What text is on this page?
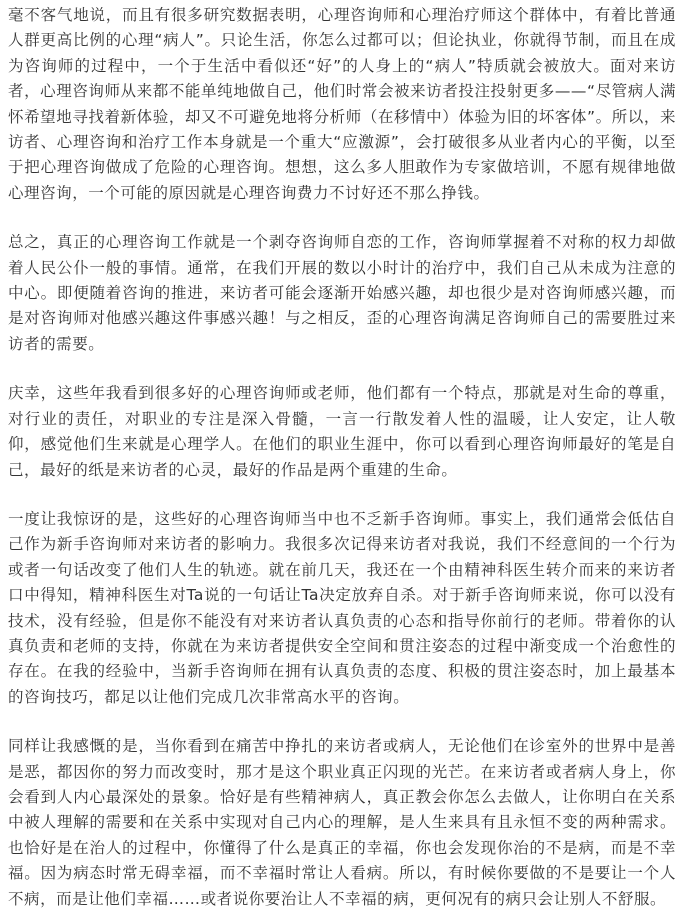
毫不客气地说，而且有很多研究数据表明，心理咨询师和心理治疗师这个群体中，有着比普通人群更高比例的心理“病人”。只论生活，你怎么过都可以；但论执业，你就得节制，而且在成为咨询师的过程中，一个于生活中看似还“好”的人身上的“病人”特质就会被放大。面对来访者，心理咨询师从来都不能单纯地做自己，他们时常会被来访者投注投射更多——“尽管病人满怀希望地寻找着新体验，却又不可避免地将分析师（在移情中）体验为旧的坏客体”。所以，来访者、心理咨询和治疗工作本身就是一个重大“应激源”，会打破很多从业者内心的平衡，以至于把心理咨询做成了危险的心理咨询。想想，这么多人胆敢作为专家做培训，不愿有规律地做心理咨询，一个可能的原因就是心理咨询费力不讨好还不那么挣钱。

总之，真正的心理咨询工作就是一个剥夺咨询师自恋的工作，咨询师掌握着不对称的权力却做着人民公仆一般的事情。通常，在我们开展的数以小时计的治疗中，我们自己从未成为注意的中心。即便随着咨询的推进，来访者可能会逐渐开始感兴趣，却也很少是对咨询师感兴趣，而是对咨询师对他感兴趣这件事感兴趣！与之相反，歪的心理咨询满足咨询师自己的需要胜过来访者的需要。

庆幸，这些年我看到很多好的心理咨询师或老师，他们都有一个特点，那就是对生命的尊重，对行业的责任，对职业的专注是深入骨髓，一言一行散发着人性的温暖，让人安定，让人敬仰，感觉他们生来就是心理学人。在他们的职业生涯中，你可以看到心理咨询师最好的笔是自己，最好的纸是来访者的心灵，最好的作品是两个重建的生命。

一度让我惊讶的是，这些好的心理咨询师当中也不乏新手咨询师。事实上，我们通常会低估自己作为新手咨询师对来访者的影响力。我很多次记得来访者对我说，我们不经意间的一个行为或者一句话改变了他们人生的轨迹。就在前几天，我还在一个由精神科医生转介而来的来访者口中得知，精神科医生对Ta说的一句话让Ta决定放弃自杀。对于新手咨询师来说，你可以没有技术，没有经验，但是你不能没有对来访者认真负责的心态和指导你前行的老师。带着你的认真负责和老师的支持，你就在为来访者提供安全空间和贯注姿态的过程中渐变成一个治愈性的存在。在我的经验中，当新手咨询师在拥有认真负责的态度、积极的贯注姿态时，加上最基本的咨询技巧，都足以让他们完成几次非常高水平的咨询。

同样让我感慨的是，当你看到在痛苦中挣扎的来访者或病人，无论他们在诊室外的世界中是善是恶，都因你的努力而改变时，那才是这个职业真正闪现的光芒。在来访者或者病人身上，你会看到人内心最深处的景象。恰好是有些精神病人，真正教会你怎么去做人，让你明白在关系中被人理解的需要和在关系中实现对自己内心的理解，是人生来具有且永恒不变的两种需求。也恰好是在治人的过程中，你懂得了什么是真正的幸福，你也会发现你治的不是病，而是不幸福。因为病态时常无碍幸福，而不幸福时常让人看病。所以，有时候你要做的不是要让一个人不病，而是让他们幸福……或者说你要治让人不幸福的病，更何况有的病只会让别人不舒服。
